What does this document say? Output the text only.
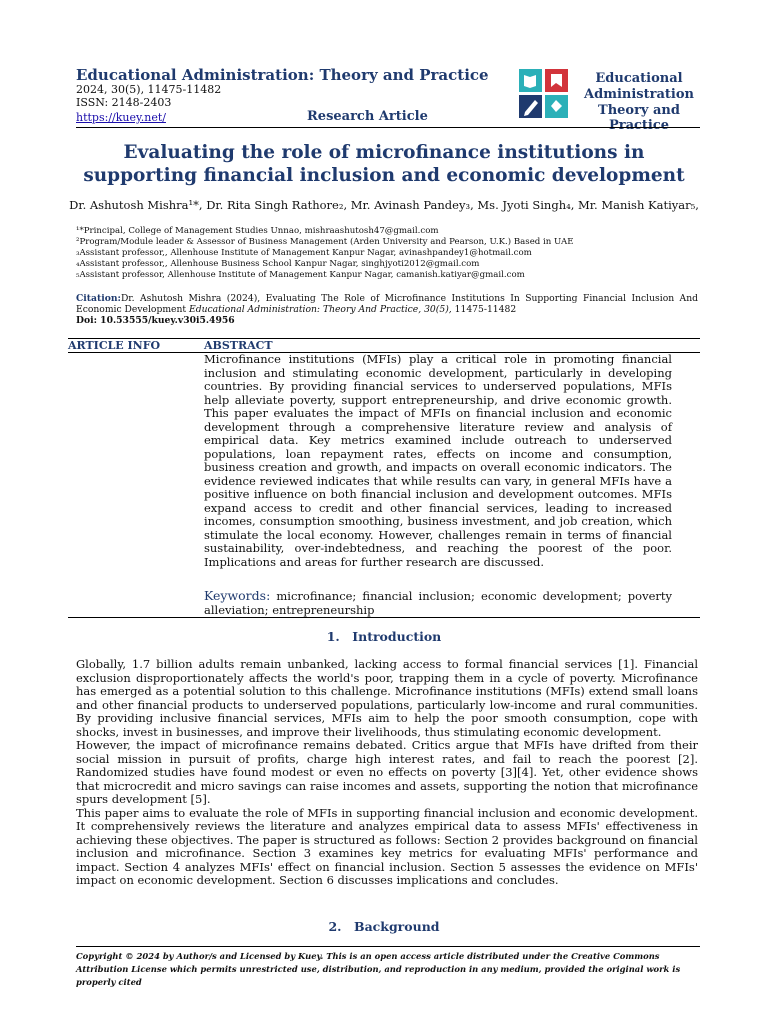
Educational Administration: Theory and Practice
2024, 30(5), 11475-11482
ISSN: 2148-2403
https://kuey.net/	Research Article
Educational
Administration
Theory and Practice
Evaluating the role of microfinance institutions in
supporting financial inclusion and economic development
Dr. Ashutosh Mishra¹*, Dr. Rita Singh Rathore₂, Mr. Avinash Pandey₃, Ms. Jyoti Singh₄, Mr. Manish Katiyar₅,
¹*Principal, College of Management Studies Unnao, mishraashutosh47@gmail.com
²Program/Module leader & Assessor of Business Management (Arden University and Pearson, U.K.) Based in UAE
₃Assistant professor,, Allenhouse Institute of Management Kanpur Nagar, avinashpandey1@hotmail.com
₄Assistant professor,, Allenhouse Business School Kanpur Nagar, singhjyoti2012@gmail.com
₅Assistant professor, Allenhouse Institute of Management Kanpur Nagar, camanish.katiyar@gmail.com
Citation:Dr. Ashutosh Mishra (2024), Evaluating The Role of Microfinance Institutions In Supporting Financial Inclusion And Economic Development Educational Administration: Theory And Practice, 30(5), 11475-11482
Doi: 10.53555/kuey.v30i5.4956
ARTICLE INFO	ABSTRACT
Microfinance institutions (MFIs) play a critical role in promoting financial inclusion and stimulating economic development, particularly in developing countries. By providing financial services to underserved populations, MFIs help alleviate poverty, support entrepreneurship, and drive economic growth. This paper evaluates the impact of MFIs on financial inclusion and economic development through a comprehensive literature review and analysis of empirical data. Key metrics examined include outreach to underserved populations, loan repayment rates, effects on income and consumption, business creation and growth, and impacts on overall economic indicators. The evidence reviewed indicates that while results can vary, in general MFIs have a positive influence on both financial inclusion and development outcomes. MFIs expand access to credit and other financial services, leading to increased incomes, consumption smoothing, business investment, and job creation, which stimulate the local economy. However, challenges remain in terms of financial sustainability, over-indebtedness, and reaching the poorest of the poor. Implications and areas for further research are discussed.
Keywords: microfinance; financial inclusion; economic development; poverty alleviation; entrepreneurship
1. Introduction

Globally, 1.7 billion adults remain unbanked, lacking access to formal financial services [1]. Financial exclusion disproportionately affects the world's poor, trapping them in a cycle of poverty. Microfinance has emerged as a potential solution to this challenge. Microfinance institutions (MFIs) extend small loans and other financial products to underserved populations, particularly low-income and rural communities. By providing inclusive financial services, MFIs aim to help the poor smooth consumption, cope with shocks, invest in businesses, and improve their livelihoods, thus stimulating economic development.

However, the impact of microfinance remains debated. Critics argue that MFIs have drifted from their social mission in pursuit of profits, charge high interest rates, and fail to reach the poorest [2]. Randomized studies have found modest or even no effects on poverty [3][4]. Yet, other evidence shows that microcredit and micro savings can raise incomes and assets, supporting the notion that microfinance spurs development [5].

This paper aims to evaluate the role of MFIs in supporting financial inclusion and economic development. It comprehensively reviews the literature and analyzes empirical data to assess MFIs' effectiveness in achieving these objectives. The paper is structured as follows: Section 2 provides background on financial inclusion and microfinance. Section 3 examines key metrics for evaluating MFIs' performance and impact. Section 4 analyzes MFIs' effect on financial inclusion. Section 5 assesses the evidence on MFIs' impact on economic development. Section 6 discusses implications and concludes.

2. Background
Copyright © 2024 by Author/s and Licensed by Kuey. This is an open access article distributed under the Creative Commons Attribution License which permits unrestricted use, distribution, and reproduction in any medium, provided the original work is properly cited
